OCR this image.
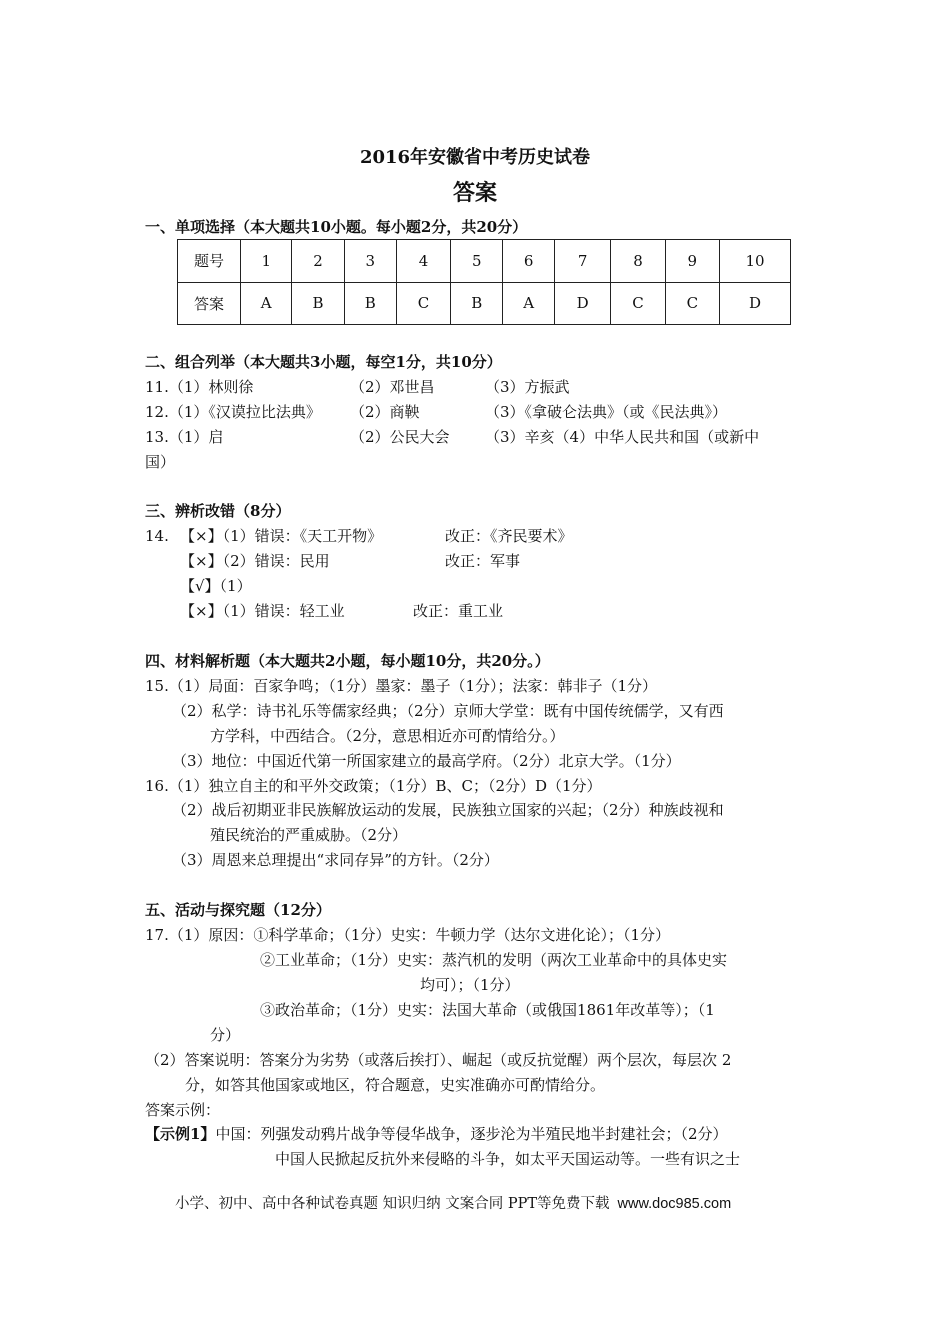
2016年安徽省中考历史试卷
答案
一、单项选择（本大题共10小题。每小题2分，共20分）
题号	1	2	3	4	5	6	7	8	9	10
答案	A	B	B	C	B	A	D	C	C	D
二、组合列举（本大题共3小题，每空1分，共10分）
11.（1）林则徐	（2）邓世昌	（3）方振武
12.（1）《汉谟拉比法典》 （2）商鞅	（3）《拿破仑法典》（或《民法典》）
13.（1）启	（2）公民大会 （3）辛亥（4）中华人民共和国（或新中
国）
三、辨析改错（8分）
14. 【×】（1）错误：《天工开物》	改正：《齐民要术》
【×】（2）错误：民用	改正：军事
【√】（1）
【×】（1）错误：轻工业	改正：重工业
四、材料解析题（本大题共2小题，每小题10分，共20分。）
15.（1）局面：百家争鸣；（1分）墨家：墨子（1分）；法家：韩非子（1分）
（2）私学：诗书礼乐等儒家经典；（2分）京师大学堂：既有中国传统儒学，又有西
方学科，中西结合。（2分，意思相近亦可酌情给分。）
（3）地位：中国近代第一所国家建立的最高学府。（2分）北京大学。（1分）
16.（1）独立自主的和平外交政策；（1分）B、C；（2分）D（1分）
（2）战后初期亚非民族解放运动的发展，民族独立国家的兴起；（2分）种族歧视和
殖民统治的严重威胁。（2分）
（3）周恩来总理提出“求同存异”的方针。（2分）
五、活动与探究题（12分）
17.（1）原因：①科学革命；（1分）史实：牛顿力学（达尔文进化论）；（1分）
②工业革命；（1分）史实：蒸汽机的发明（两次工业革命中的具体史实
均可）；（1分）
③政治革命；（1分）史实：法国大革命（或俄国1861年改革等）；（1
分）
（2）答案说明：答案分为劣势（或落后挨打）、崛起（或反抗觉醒）两个层次，每层次 2
分，如答其他国家或地区，符合题意，史实准确亦可酌情给分。
答案示例：
【示例1】中国：列强发动鸦片战争等侵华战争，逐步沦为半殖民地半封建社会；（2分）
中国人民掀起反抗外来侵略的斗争，如太平天国运动等。一些有识之士
小学、初中、高中各种试卷真题 知识归纳 文案合同 PPT等免费下载 www.doc985.com
